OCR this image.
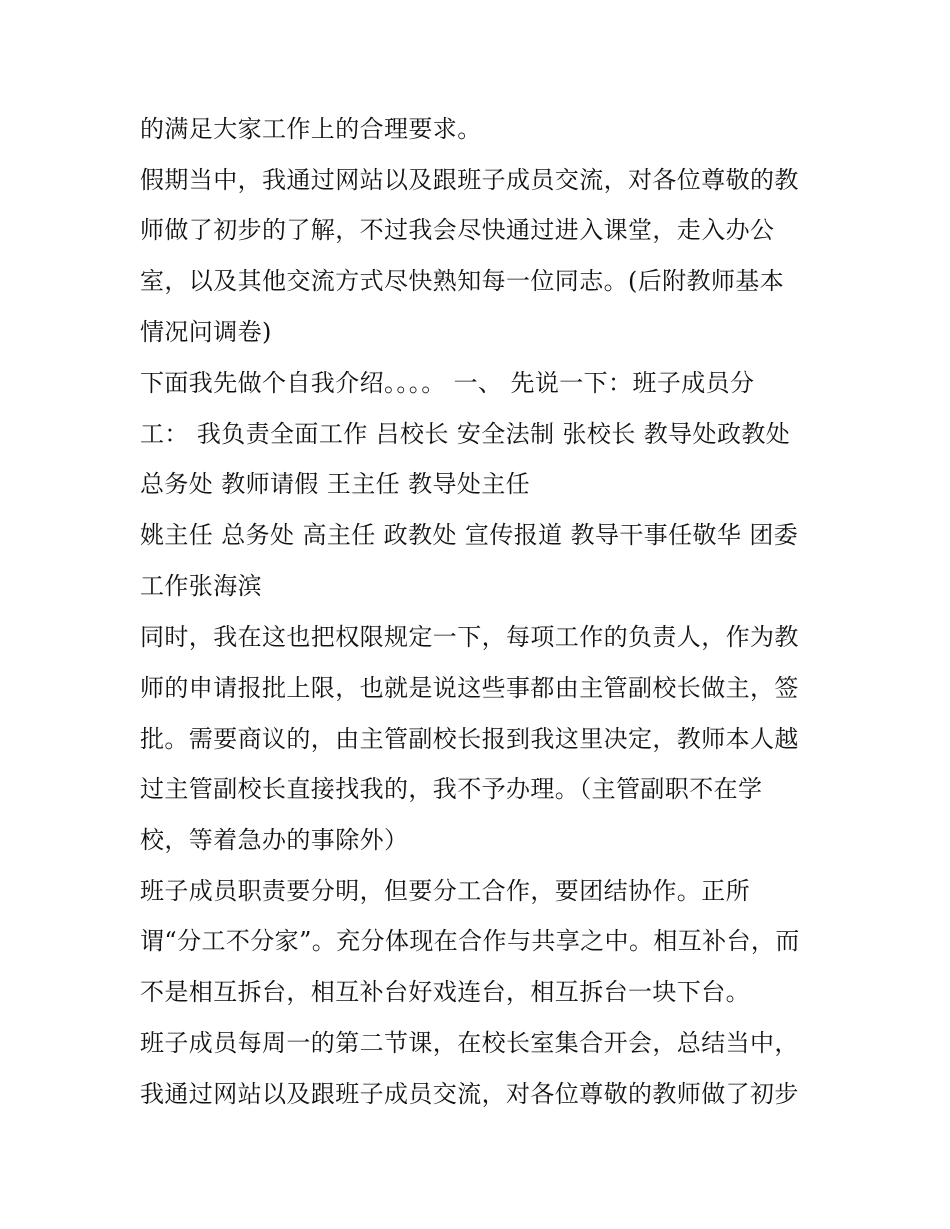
的满足大家工作上的合理要求。
假期当中，我通过网站以及跟班子成员交流，对各位尊敬的教
师做了初步的了解，不过我会尽快通过进入课堂，走入办公
室，以及其他交流方式尽快熟知每一位同志。(后附教师基本
情况问调卷)
下面我先做个自我介绍。。。。 一、 先说一下：班子成员分
工： 我负责全面工作 吕校长 安全法制 张校长 教导处政教处
总务处 教师请假 王主任 教导处主任
姚主任 总务处 高主任 政教处 宣传报道 教导干事任敬华 团委
工作张海滨
同时，我在这也把权限规定一下，每项工作的负责人，作为教
师的申请报批上限，也就是说这些事都由主管副校长做主，签
批。需要商议的，由主管副校长报到我这里决定，教师本人越
过主管副校长直接找我的，我不予办理。（主管副职不在学
校，等着急办的事除外）
班子成员职责要分明，但要分工合作，要团结协作。正所
谓“分工不分家”。充分体现在合作与共享之中。相互补台，而
不是相互拆台，相互补台好戏连台，相互拆台一块下台。
班子成员每周一的第二节课，在校长室集合开会，总结当中，
我通过网站以及跟班子成员交流，对各位尊敬的教师做了初步
